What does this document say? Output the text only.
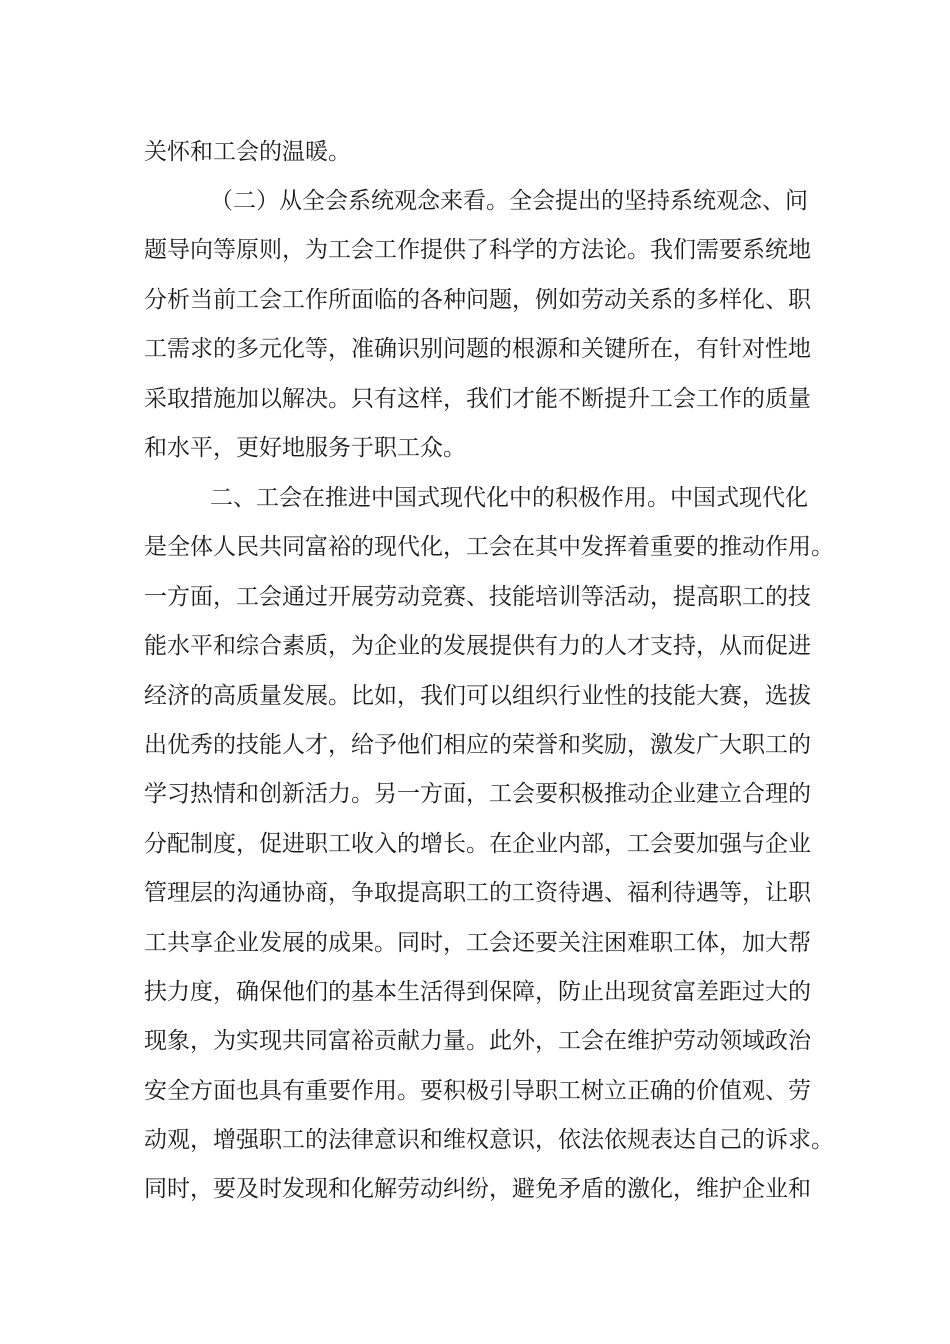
关怀和工会的温暖。
（二）从全会系统观念来看。全会提出的坚持系统观念、问
题导向等原则，为工会工作提供了科学的方法论。我们需要系统地
分析当前工会工作所面临的各种问题，例如劳动关系的多样化、职
工需求的多元化等，准确识别问题的根源和关键所在，有针对性地
采取措施加以解决。只有这样，我们才能不断提升工会工作的质量
和水平，更好地服务于职工众。
二、工会在推进中国式现代化中的积极作用。中国式现代化
是全体人民共同富裕的现代化，工会在其中发挥着重要的推动作用。
一方面，工会通过开展劳动竞赛、技能培训等活动，提高职工的技
能水平和综合素质，为企业的发展提供有力的人才支持，从而促进
经济的高质量发展。比如，我们可以组织行业性的技能大赛，选拔
出优秀的技能人才，给予他们相应的荣誉和奖励，激发广大职工的
学习热情和创新活力。另一方面，工会要积极推动企业建立合理的
分配制度，促进职工收入的增长。在企业内部，工会要加强与企业
管理层的沟通协商，争取提高职工的工资待遇、福利待遇等，让职
工共享企业发展的成果。同时，工会还要关注困难职工体，加大帮
扶力度，确保他们的基本生活得到保障，防止出现贫富差距过大的
现象，为实现共同富裕贡献力量。此外，工会在维护劳动领域政治
安全方面也具有重要作用。要积极引导职工树立正确的价值观、劳
动观，增强职工的法律意识和维权意识，依法依规表达自己的诉求。
同时，要及时发现和化解劳动纠纷，避免矛盾的激化，维护企业和
